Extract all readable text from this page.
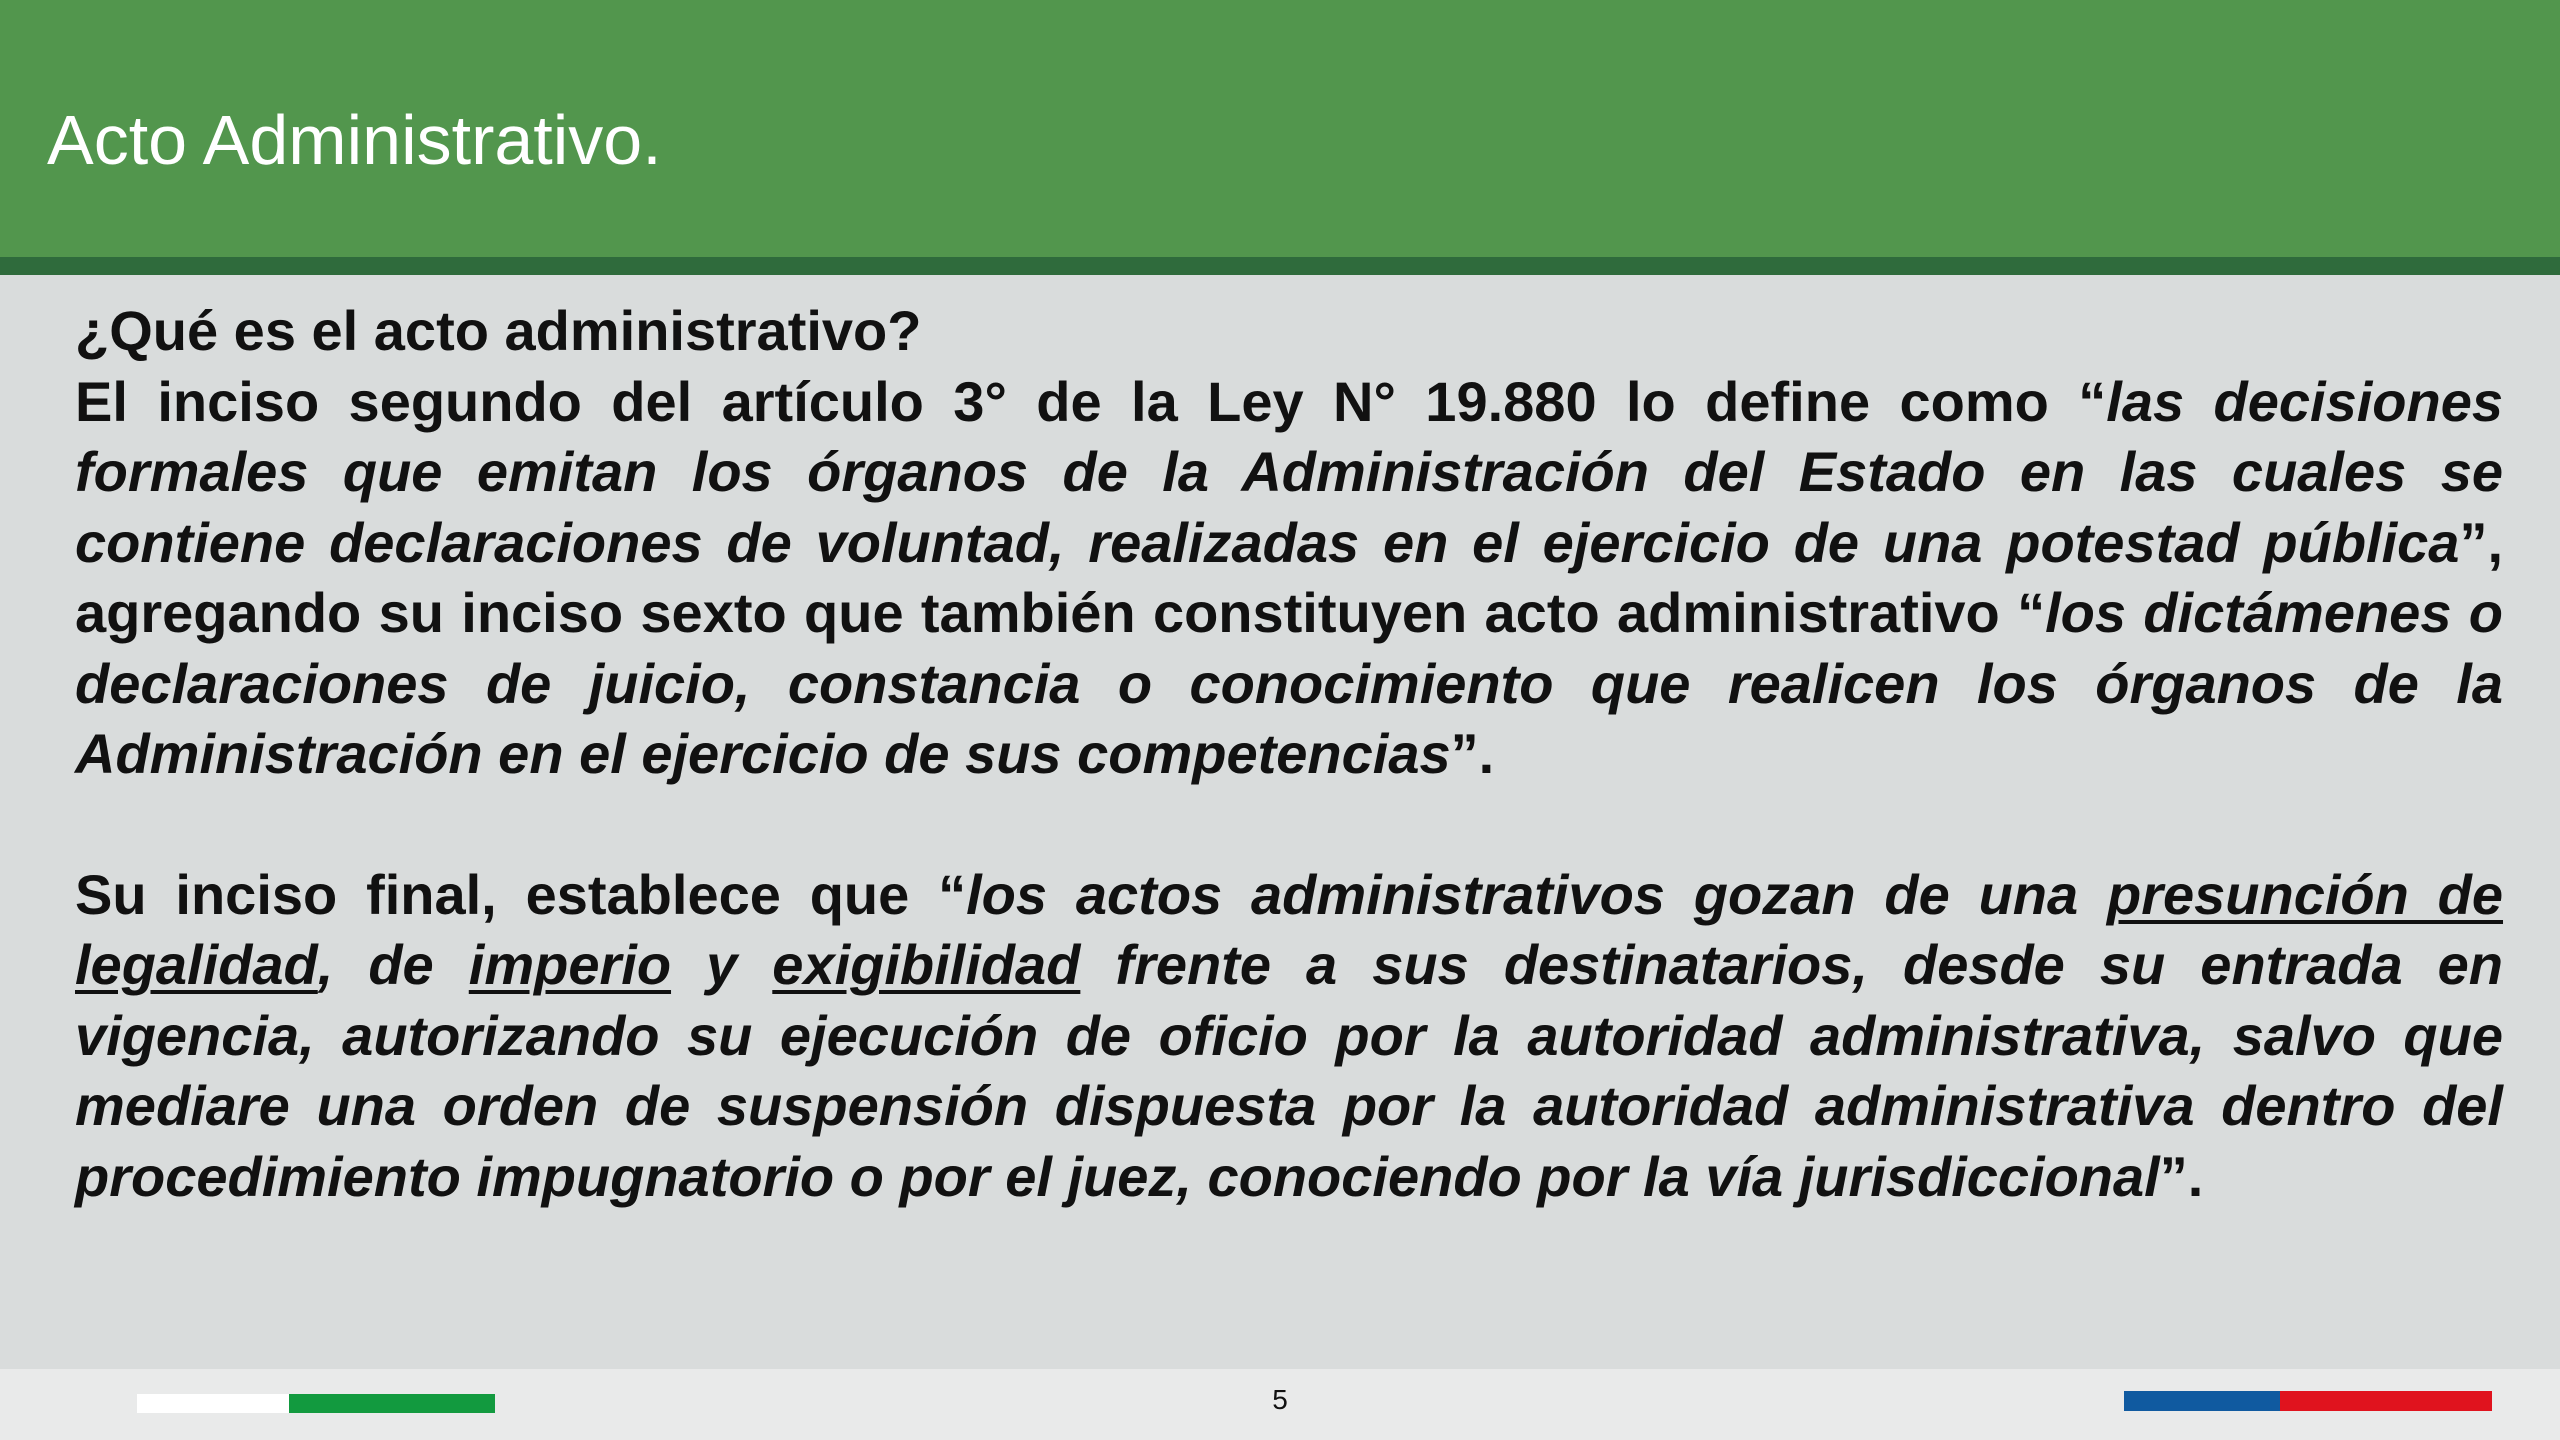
Acto Administrativo.

¿Qué es el acto administrativo?

El inciso segundo del artículo 3° de la Ley N° 19.880 lo define como “las decisiones formales que emitan los órganos de la Administración del Estado en las cuales se contiene declaraciones de voluntad, realizadas en el ejercicio de una potestad pública”, agregando su inciso sexto que también constituyen acto administrativo “los dictámenes o declaraciones de juicio, constancia o conocimiento que realicen los órganos de la Administración en el ejercicio de sus competencias”.

Su inciso final, establece que “los actos administrativos gozan de una presunción de legalidad, de imperio y exigibilidad frente a sus destinatarios, desde su entrada en vigencia, autorizando su ejecución de oficio por la autoridad administrativa, salvo que mediare una orden de suspensión dispuesta por la autoridad administrativa dentro del procedimiento impugnatorio o por el juez, conociendo por la vía jurisdiccional”.

5
